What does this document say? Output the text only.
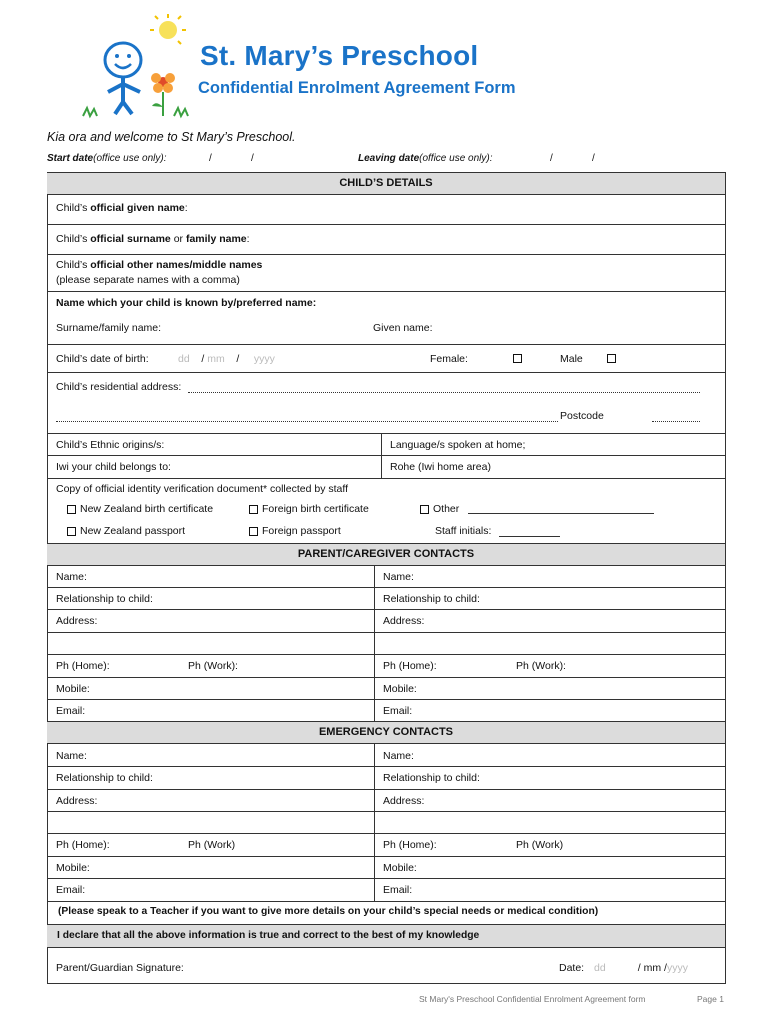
St. Mary’s Preschool
Confidential Enrolment Agreement Form
Kia ora and welcome to St Mary’s Preschool.
Start date(office use only):	/	/	Leaving date(office use only):	/	/
CHILD’S DETAILS
Child’s official given name:
Child’s official surname or family name:
Child’s official other names/middle names
(please separate names with a comma)
Name which your child is known by/preferred name:
Surname/family name:	Given name:
Child’s date of birth:	dd    / mm    /     yyyy	Female:	Male
Child’s residential address:
Postcode
Child’s Ethnic origins/s:	Language/s spoken at home;
Iwi your child belongs to:	Rohe (Iwi home area)
Copy of official identity verification document* collected by staff
New Zealand birth certificate	Foreign birth certificate	Other
New Zealand passport	Foreign passport	Staff initials:
PARENT/CAREGIVER CONTACTS
Name:	Name:
Relationship to child:	Relationship to child:
Address:	Address:
Ph (Home):	Ph (Work):	Ph (Home):	Ph (Work):
Mobile:	Mobile:
Email:	Email:
EMERGENCY CONTACTS
Name:	Name:
Relationship to child:	Relationship to child:
Address:	Address:
Ph (Home):	Ph (Work)	Ph (Home):	Ph (Work)
Mobile:	Mobile:
Email:	Email:
(Please speak to a Teacher if you want to give more details on your child’s special needs or medical condition)
I declare that all the above information is true and correct to the best of my knowledge
Parent/Guardian Signature:	Date: dd	/ mm /yyyy
St Mary's Preschool Confidential Enrolment Agreement form	Page 1
